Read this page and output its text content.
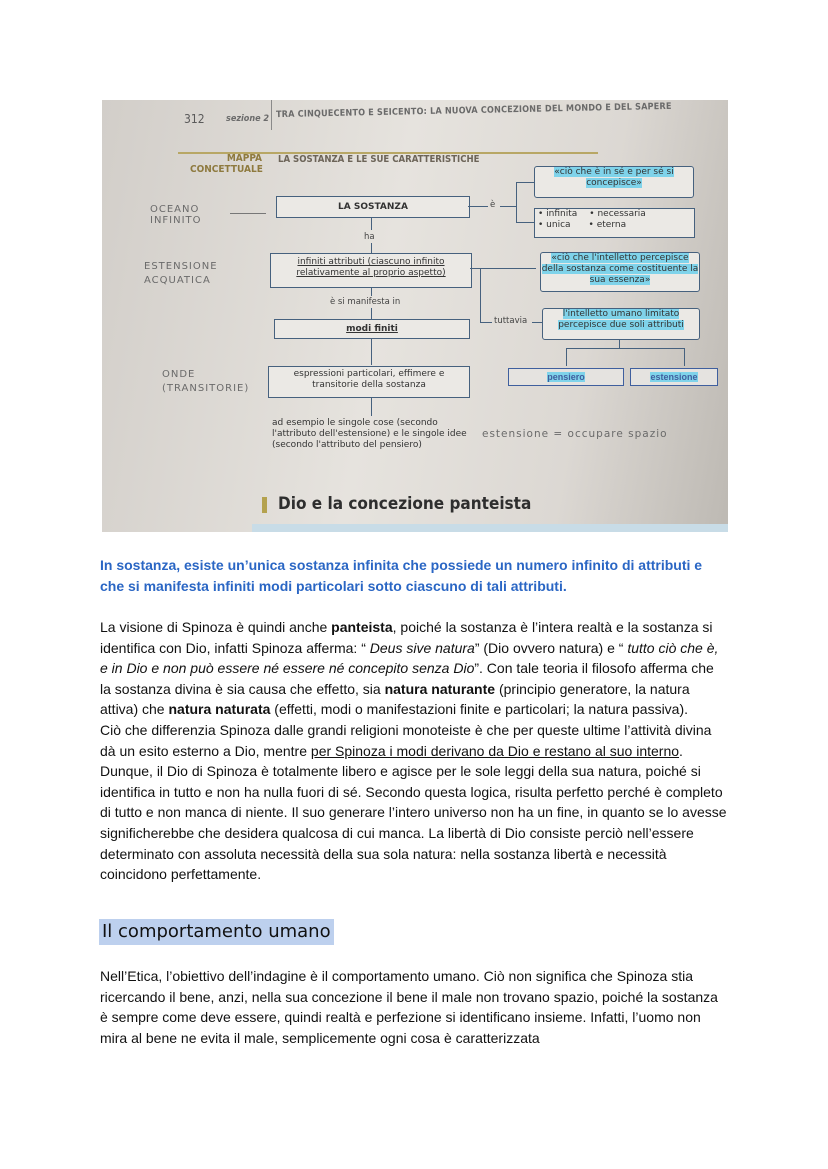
312 sezione 2 TRA CINQUECENTO E SEICENTO: LA NUOVA CONCEZIONE DEL MONDO E DEL SAPERE
MAPPA CONCETTUALE
LA SOSTANZA E LE SUE CARATTERISTICHE
LA SOSTANZA
ha
infiniti attributi (ciascuno infinito relativamente al proprio aspetto)
è si manifesta in
modi finiti
espressioni particolari, effimere e transitorie della sostanza
ad esempio le singole cose (secondo l'attributo dell'estensione) e le singole idee (secondo l'attributo del pensiero)
è
«ciò che è in sé e per sé si concepisce»
• infinita • necessaria
• unica • eterna
«ciò che l'intelletto percepisce della sostanza come costituente la sua essenza»
tuttavia
l'intelletto umano limitato percepisce due soli attributi
pensiero	estensione
OCEANO INFINITO
ESTENSIONE ACQUATICA
ONDE (TRANSITORIE)
estensione = occupare spazio
Dio e la concezione panteista

In sostanza, esiste un’unica sostanza infinita che possiede un numero infinito di attributi e che si manifesta infiniti modi particolari sotto ciascuno di tali attributi.

La visione di Spinoza è quindi anche panteista, poiché la sostanza è l’intera realtà e la sostanza si identifica con Dio, infatti Spinoza afferma: “ Deus sive natura” (Dio ovvero natura) e “ tutto ciò che è, e in Dio e non può essere né essere né concepito senza Dio”. Con tale teoria il filosofo afferma che la sostanza divina è sia causa che effetto, sia natura naturante (principio generatore, la natura attiva) che natura naturata (effetti, modi o manifestazioni finite e particolari; la natura passiva).
Ciò che differenzia Spinoza dalle grandi religioni monoteiste è che per queste ultime l’attività divina dà un esito esterno a Dio, mentre per Spinoza i modi derivano da Dio e restano al suo interno. Dunque, il Dio di Spinoza è totalmente libero e agisce per le sole leggi della sua natura, poiché si identifica in tutto e non ha nulla fuori di sé. Secondo questa logica, risulta perfetto perché è completo di tutto e non manca di niente. Il suo generare l’intero universo non ha un fine, in quanto se lo avesse significherebbe che desidera qualcosa di cui manca. La libertà di Dio consiste perciò nell’essere determinato con assoluta necessità della sua sola natura: nella sostanza libertà e necessità coincidono perfettamente.

Il comportamento umano

Nell’Etica, l’obiettivo dell’indagine è il comportamento umano. Ciò non significa che Spinoza stia ricercando il bene, anzi, nella sua concezione il bene il male non trovano spazio, poiché la sostanza è sempre come deve essere, quindi realtà e perfezione si identificano insieme. Infatti, l’uomo non mira al bene ne evita il male, semplicemente ogni cosa è caratterizzata
